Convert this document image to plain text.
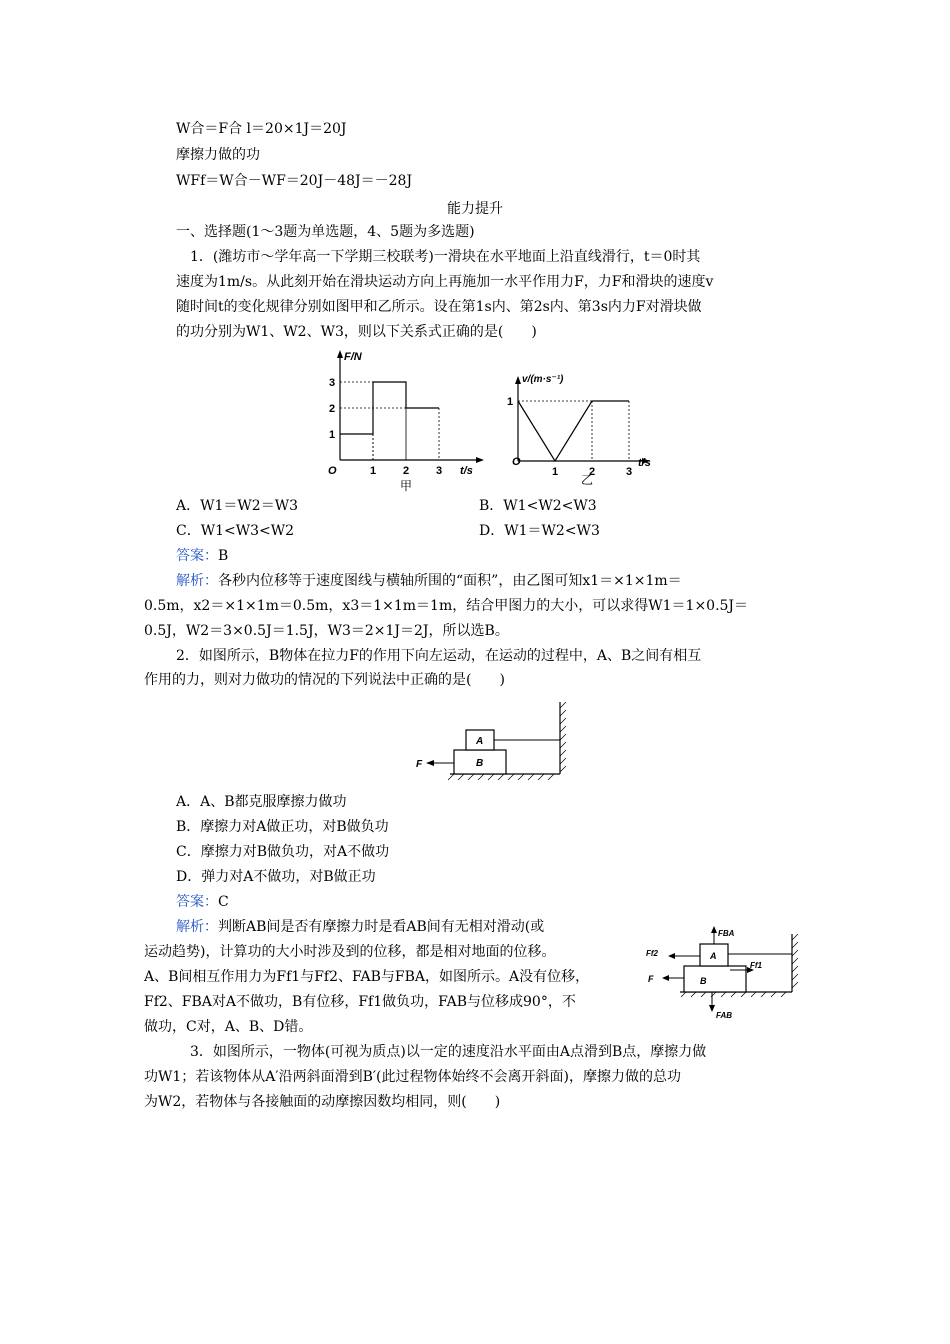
W合＝F合 l＝20×1J＝20J
摩擦力做的功
WFf＝W合－WF＝20J－48J＝－28J
能力提升
一、选择题(1～3题为单选题，4、5题为多选题)
1．(潍坊市～学年高一下学期三校联考)一滑块在水平地面上沿直线滑行，t＝0时其
速度为1m/s。从此刻开始在滑块运动方向上再施加一水平作用力F，力F和滑块的速度v
随时间t的变化规律分别如图甲和乙所示。设在第1s内、第2s内、第3s内力F对滑块做
的功分别为W1、W2、W3，则以下关系式正确的是(　　)
F/N
t/s
O
甲
1 2 3
1
2
3	v/(m·s⁻¹)
t/s
O
乙
1	2	3
1
A．W1＝W2＝W3	B．W1<W2<W3
C．W1<W3<W2	D．W1＝W2<W3
答案：B
解析：各秒内位移等于速度图线与横轴所围的“面积”，由乙图可知x1＝×1×1m＝
0.5m，x2＝×1×1m＝0.5m，x3＝1×1m＝1m，结合甲图力的大小，可以求得W1＝1×0.5J＝
0.5J，W2＝3×0.5J＝1.5J，W3＝2×1J＝2J，所以选B。
2．如图所示，B物体在拉力F的作用下向左运动，在运动的过程中，A、B之间有相互
作用的力，则对力做功的情况的下列说法中正确的是(　　)
A
B
F
A．A、B都克服摩擦力做功
B．摩擦力对A做正功，对B做负功
C．摩擦力对B做负功，对A不做功
D．弹力对A不做功，对B做正功
答案：C
解析：判断AB间是否有摩擦力时是看AB间有无相对滑动(或
运动趋势)，计算功的大小时涉及到的位移，都是相对地面的位移。
A、B间相互作用力为Ff1与Ff2、FAB与FBA，如图所示。A没有位移，
Ff2、FBA对A不做功，B有位移，Ff1做负功，FAB与位移成90°，不
做功，C对，A、B、D错。
A
B
F
Ff2
Ff1
FBA
FAB
3．如图所示，一物体(可视为质点)以一定的速度沿水平面由A点滑到B点，摩擦力做
功W1；若该物体从A′沿两斜面滑到B′(此过程物体始终不会离开斜面)，摩擦力做的总功
为W2，若物体与各接触面的动摩擦因数均相同，则(　　)
